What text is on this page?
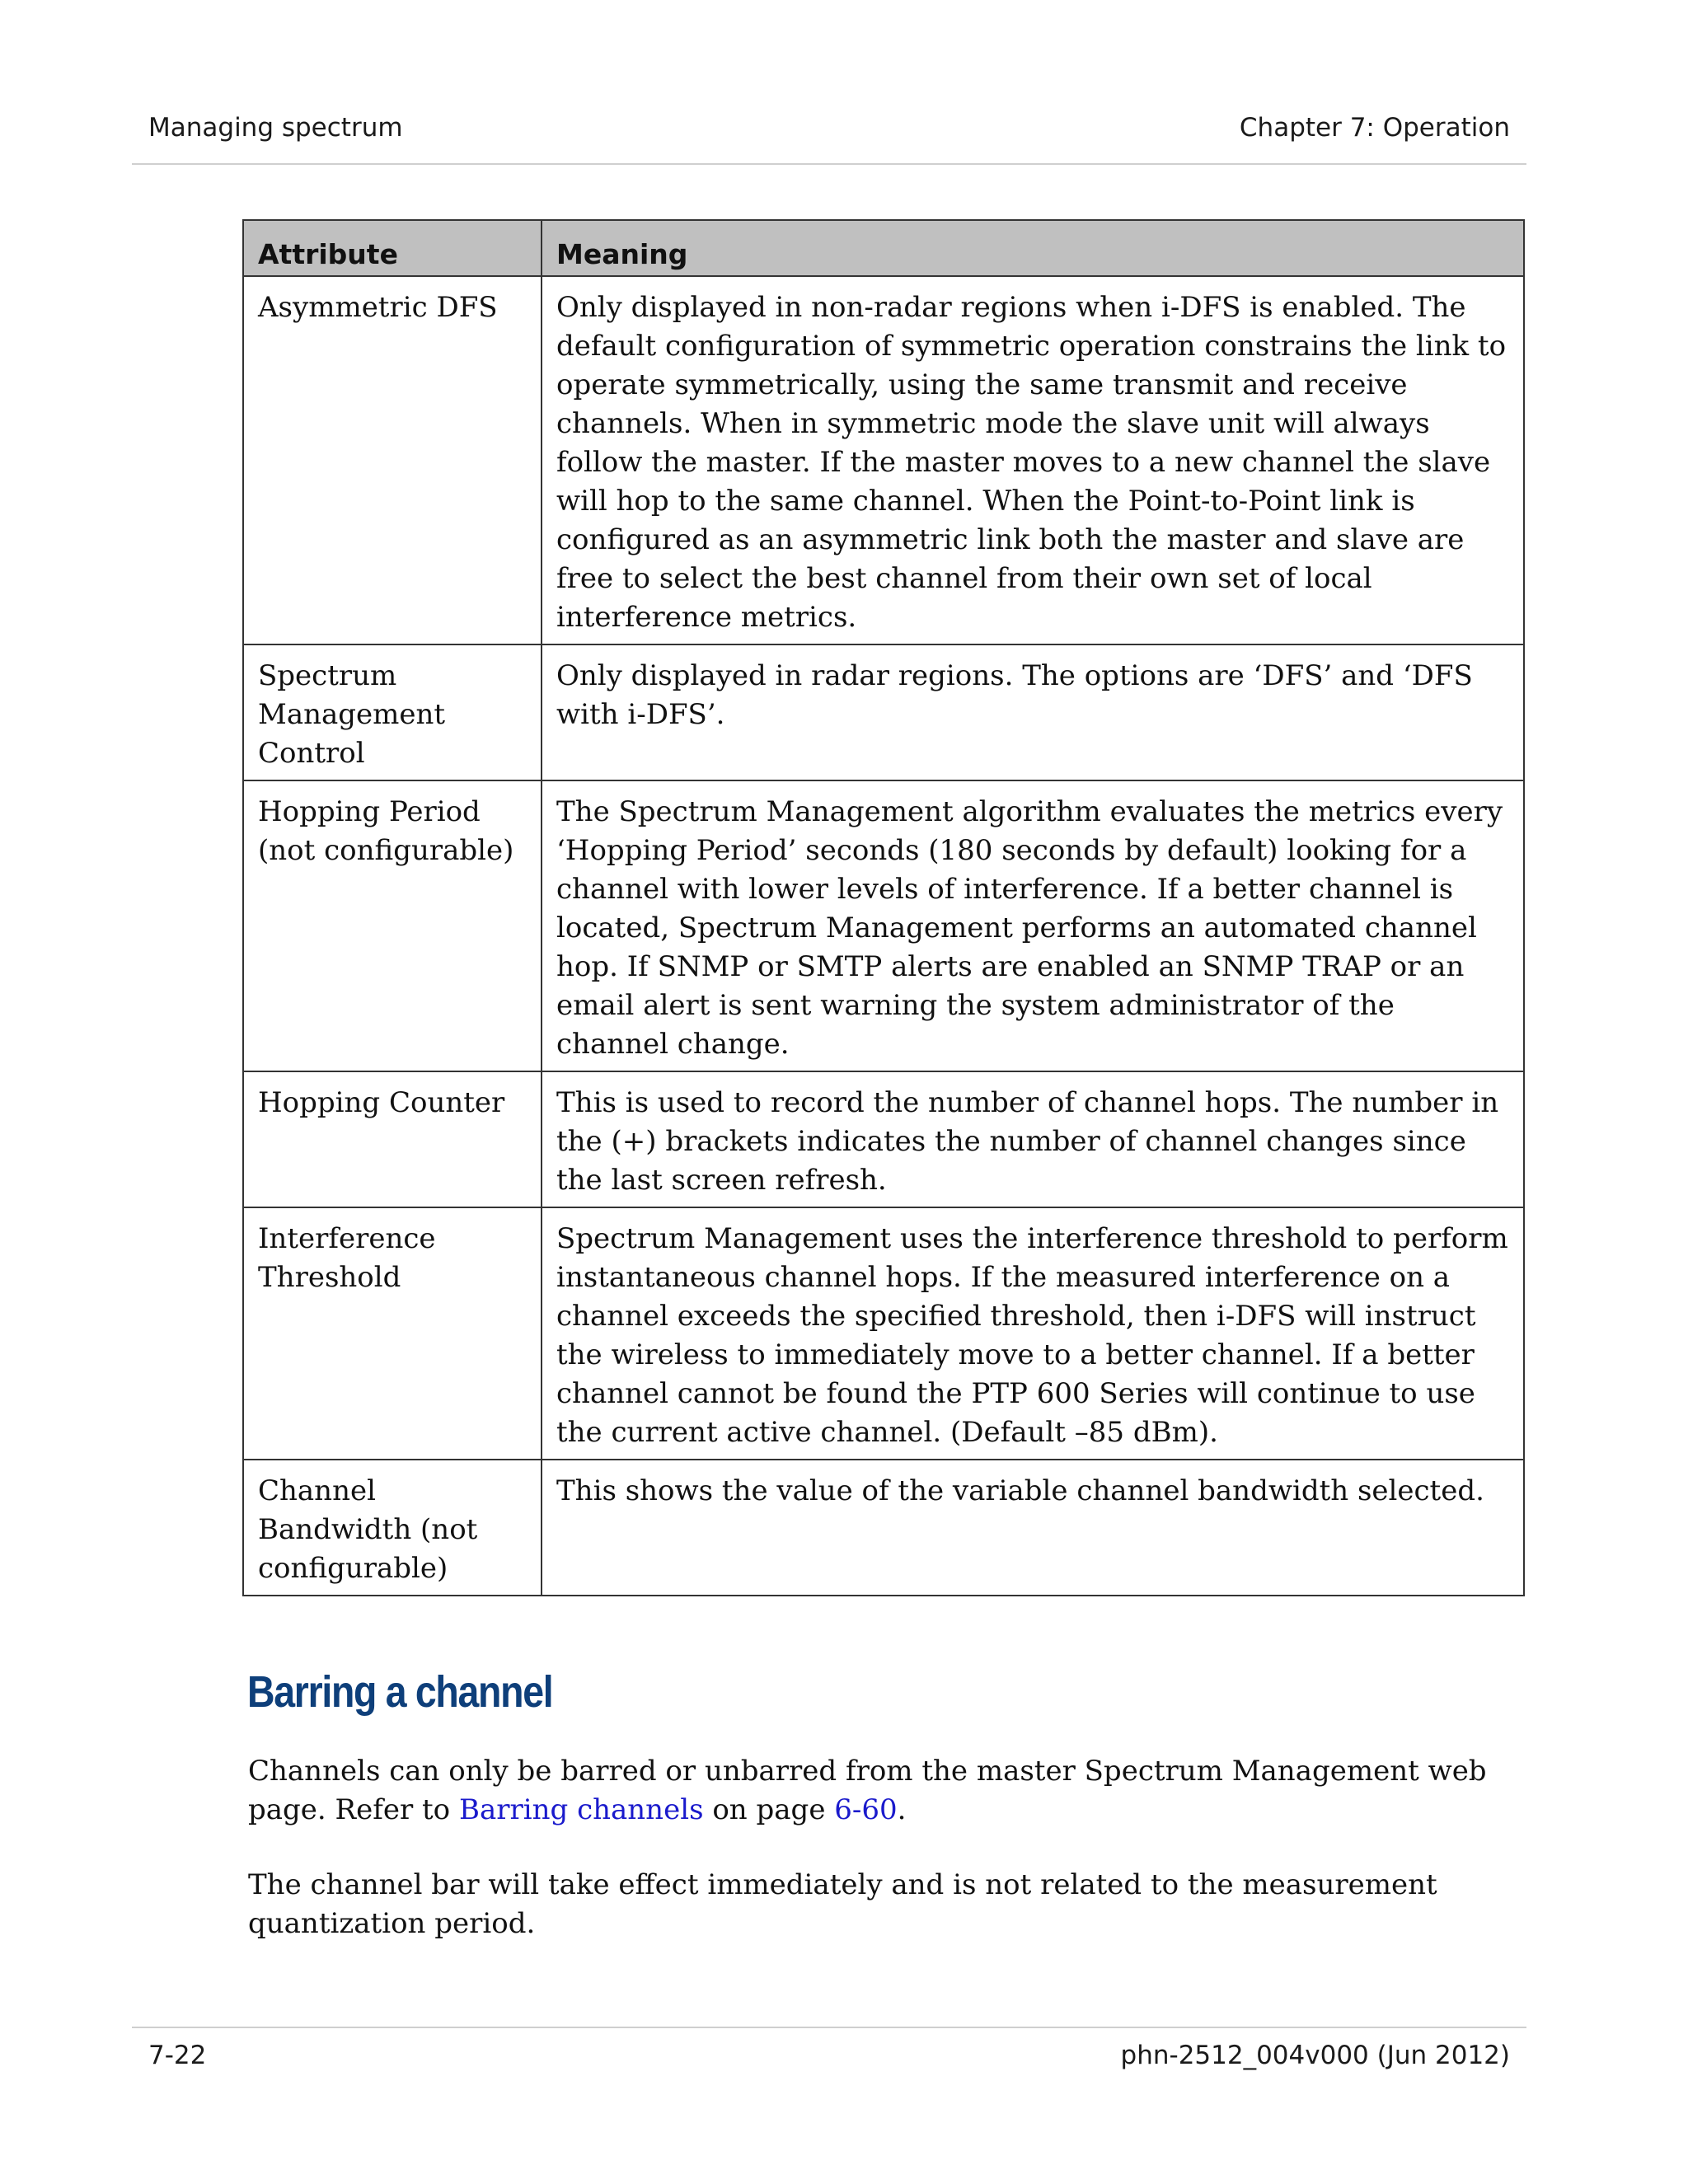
Managing spectrum	Chapter 7: Operation
Attribute	Meaning
Asymmetric DFS	Only displayed in non-radar regions when i-DFS is enabled. The default configuration of symmetric operation constrains the link to operate symmetrically, using the same transmit and receive channels. When in symmetric mode the slave unit will always follow the master. If the master moves to a new channel the slave will hop to the same channel. When the Point-to-Point link is configured as an asymmetric link both the master and slave are free to select the best channel from their own set of local interference metrics.
Spectrum Management Control	Only displayed in radar regions. The options are ‘DFS’ and ‘DFS with i-DFS’.
Hopping Period (not configurable)	The Spectrum Management algorithm evaluates the metrics every ‘Hopping Period’ seconds (180 seconds by default) looking for a channel with lower levels of interference. If a better channel is located, Spectrum Management performs an automated channel hop. If SNMP or SMTP alerts are enabled an SNMP TRAP or an email alert is sent warning the system administrator of the channel change.
Hopping Counter	This is used to record the number of channel hops. The number in the (+) brackets indicates the number of channel changes since the last screen refresh.
Interference Threshold	Spectrum Management uses the interference threshold to perform instantaneous channel hops. If the measured interference on a channel exceeds the specified threshold, then i-DFS will instruct the wireless to immediately move to a better channel. If a better channel cannot be found the PTP 600 Series will continue to use the current active channel. (Default –85 dBm).
Channel Bandwidth (not configurable)	This shows the value of the variable channel bandwidth selected.
Barring a channel

Channels can only be barred or unbarred from the master Spectrum Management web page. Refer to Barring channels on page 6-60.

The channel bar will take effect immediately and is not related to the measurement quantization period.

7-22	phn-2512_004v000 (Jun 2012)
